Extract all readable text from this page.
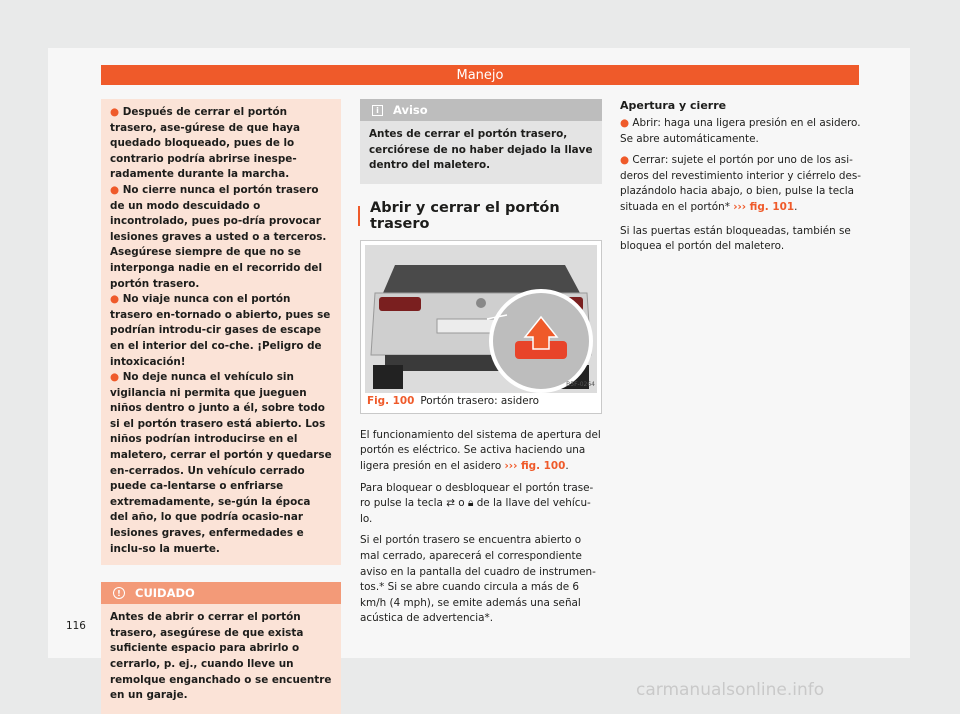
Manejo

● Después de cerrar el portón trasero, ase-gúrese de que haya quedado bloqueado, pues de lo contrario podría abrirse inespe-radamente durante la marcha.

● No cierre nunca el portón trasero de un modo descuidado o incontrolado, pues po-dría provocar lesiones graves a usted o a terceros. Asegúrese siempre de que no se interponga nadie en el recorrido del portón trasero.

● No viaje nunca con el portón trasero en-tornado o abierto, pues se podrían introdu-cir gases de escape en el interior del co-che. ¡Peligro de intoxicación!

● No deje nunca el vehículo sin vigilancia ni permita que jueguen niños dentro o junto a él, sobre todo si el portón trasero está abierto. Los niños podrían introducirse en el maletero, cerrar el portón y quedarse en-cerrados. Un vehículo cerrado puede ca-lentarse o enfriarse extremadamente, se-gún la época del año, lo que podría ocasio-nar lesiones graves, enfermedades e inclu-so la muerte.

!	CUIDADO
Antes de abrir o cerrar el portón trasero, asegúrese de que exista suficiente espacio para abrirlo o cerrarlo, p. ej., cuando lleve un remolque enganchado o se encuentre en un garaje.
i	Aviso
Antes de cerrar el portón trasero, cerciórese de no haber dejado la llave dentro del maletero.
Abrir y cerrar el portón trasero
B5F-0264
Fig. 100 Portón trasero: asidero

El funcionamiento del sistema de apertura del portón es eléctrico. Se activa haciendo una ligera presión en el asidero ››› fig. 100.

Para bloquear o desbloquear el portón trase-ro pulse la tecla ⇄ o 🔒︎ de la llave del vehícu-lo.

Si el portón trasero se encuentra abierto o mal cerrado, aparecerá el correspondiente aviso en la pantalla del cuadro de instrumen-tos.* Si se abre cuando circula a más de 6 km/h (4 mph), se emite además una señal acústica de advertencia*.

Apertura y cierre

● Abrir: haga una ligera presión en el asidero. Se abre automáticamente.

● Cerrar: sujete el portón por uno de los asi-deros del revestimiento interior y ciérrelo des-plazándolo hacia abajo, o bien, pulse la tecla situada en el portón* ››› fig. 101.

Si las puertas están bloqueadas, también se bloquea el portón del maletero.

116
carmanualsonline.info
